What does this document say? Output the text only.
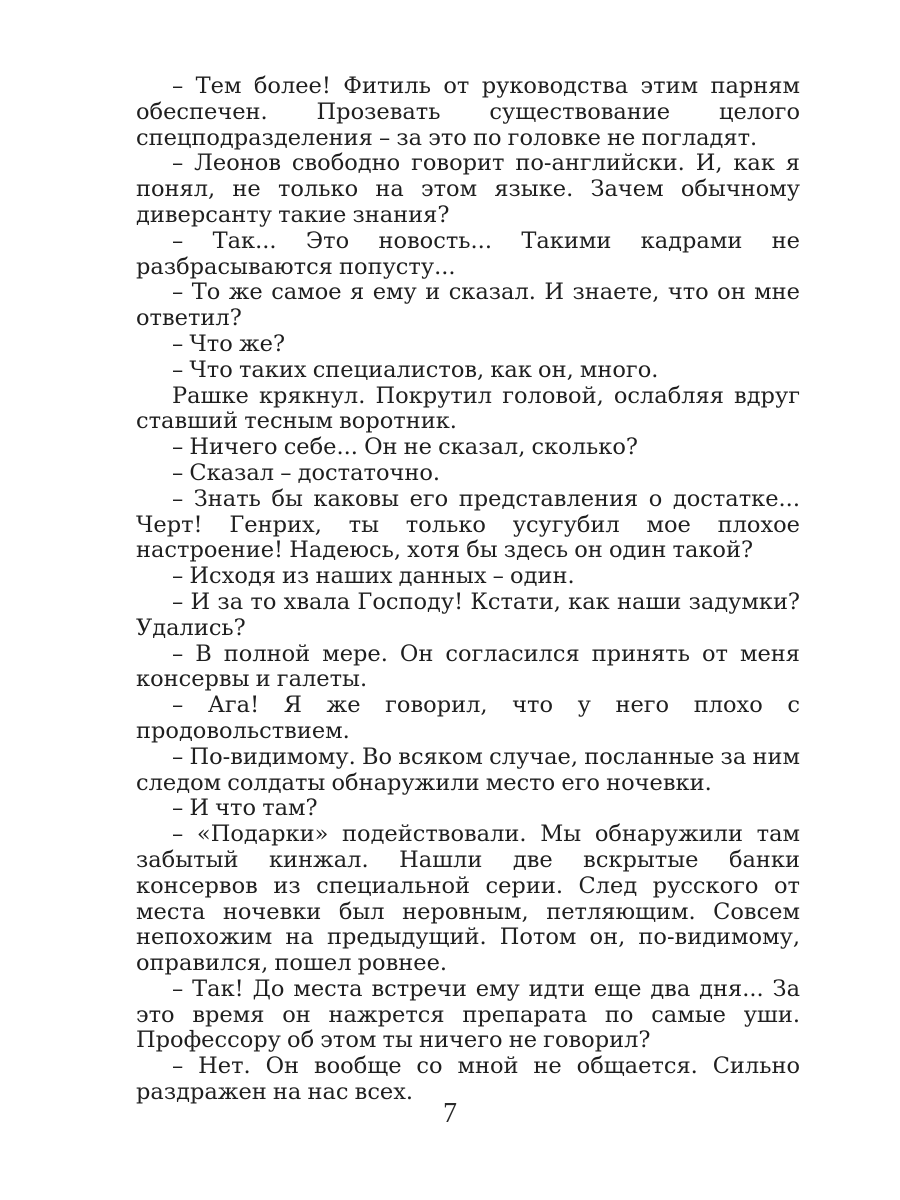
– Тем более! Фитиль от руководства этим парням обеспечен. Прозевать существование целого спецподразделения – за это по головке не погладят.

– Леонов свободно говорит по-английски. И, как я понял, не только на этом языке. Зачем обычному диверсанту такие знания?

– Так... Это новость... Такими кадрами не разбрасываются попусту...

– То же самое я ему и сказал. И знаете, что он мне ответил?

– Что же?

– Что таких специалистов, как он, много.

Рашке крякнул. Покрутил головой, ослабляя вдруг ставший тесным воротник.

– Ничего себе... Он не сказал, сколько?

– Сказал – достаточно.

– Знать бы каковы его представления о достатке... Черт! Генрих, ты только усугубил мое плохое настроение! Надеюсь, хотя бы здесь он один такой?

– Исходя из наших данных – один.

– И за то хвала Господу! Кстати, как наши задумки? Удались?

– В полной мере. Он согласился принять от меня консервы и галеты.

– Ага! Я же говорил, что у него плохо с продовольствием.

– По-видимому. Во всяком случае, посланные за ним следом солдаты обнаружили место его ночевки.

– И что там?

– «Подарки» подействовали. Мы обнаружили там забытый кинжал. Нашли две вскрытые банки консервов из специальной серии. След русского от места ночевки был неровным, петляющим. Совсем непохожим на предыдущий. Потом он, по-видимому, оправился, пошел ровнее.

– Так! До места встречи ему идти еще два дня... За это время он нажрется препарата по самые уши. Профессору об этом ты ничего не говорил?

– Нет. Он вообще со мной не общается. Сильно раздражен на нас всех.

7
